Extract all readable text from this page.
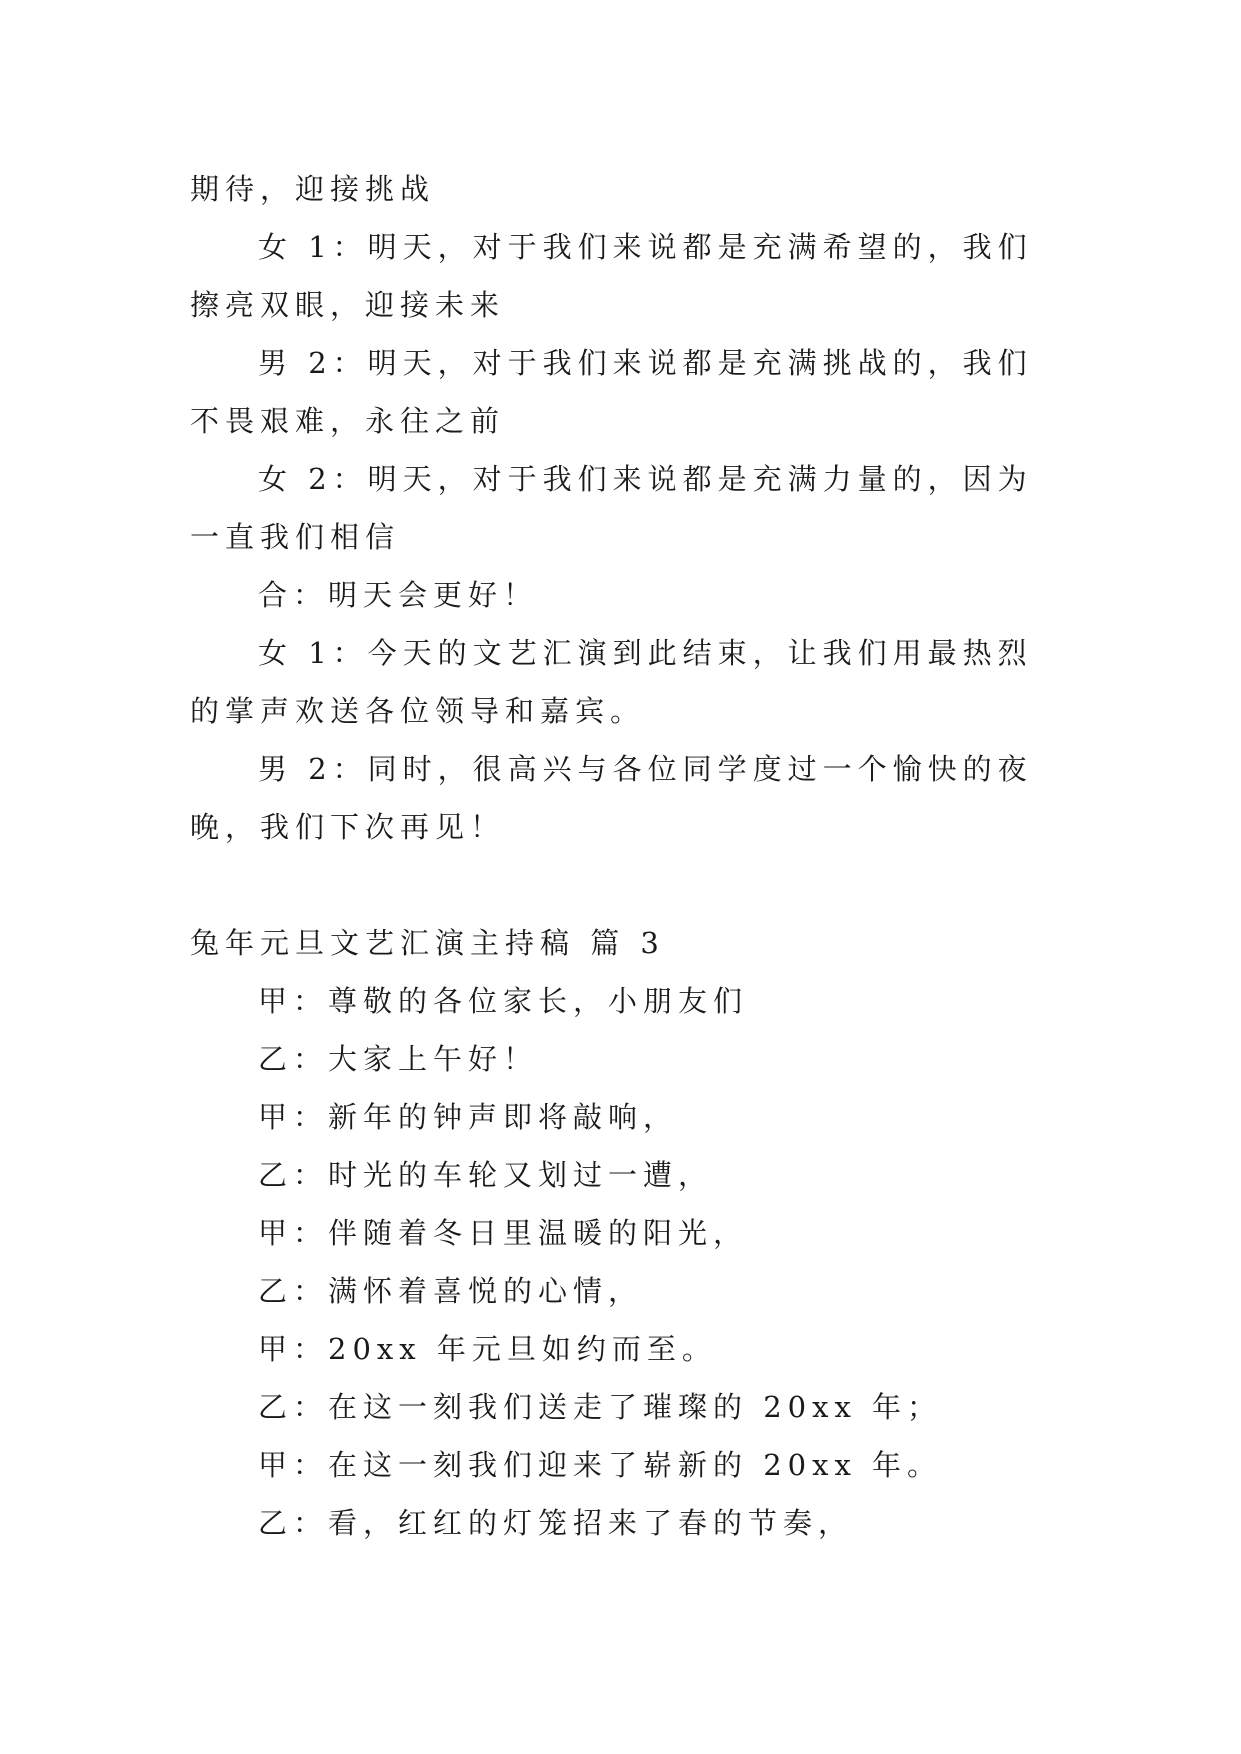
期待，迎接挑战

女 1：明天，对于我们来说都是充满希望的，我们擦亮双眼，迎接未来

男 2：明天，对于我们来说都是充满挑战的，我们不畏艰难，永往之前

女 2：明天，对于我们来说都是充满力量的，因为一直我们相信

合：明天会更好！

女 1：今天的文艺汇演到此结束，让我们用最热烈的掌声欢送各位领导和嘉宾。

男 2：同时，很高兴与各位同学度过一个愉快的夜晚，我们下次再见！

兔年元旦文艺汇演主持稿 篇 3

甲：尊敬的各位家长，小朋友们

乙：大家上午好！

甲：新年的钟声即将敲响，

乙：时光的车轮又划过一遭，

甲：伴随着冬日里温暖的阳光，

乙：满怀着喜悦的心情，

甲：20xx 年元旦如约而至。

乙：在这一刻我们送走了璀璨的 20xx 年；

甲：在这一刻我们迎来了崭新的 20xx 年。

乙：看，红红的灯笼招来了春的节奏，
